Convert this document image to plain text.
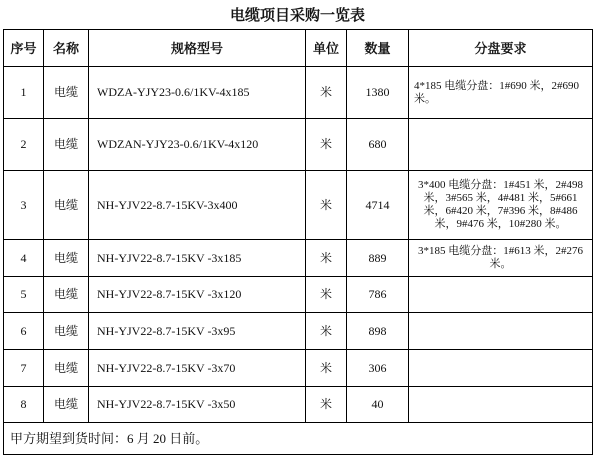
电缆项目采购一览表
序号	名称	规格型号	单位	数量	分盘要求
1	电缆	WDZA-YJY23-0.6/1KV-4x185	米	1380	4*185 电缆分盘：1#690 米，2#690 米。
2	电缆	WDZAN-YJY23-0.6/1KV-4x120	米	680	
3	电缆	NH-YJV22-8.7-15KV-3x400	米	4714	3*400 电缆分盘：1#451 米，2#498 米，3#565 米，4#481 米，5#661 米，6#420 米，7#396 米，8#486 米，9#476 米，10#280 米。
4	电缆	NH-YJV22-8.7-15KV -3x185	米	889	3*185 电缆分盘：1#613 米，2#276 米。
5	电缆	NH-YJV22-8.7-15KV -3x120	米	786	
6	电缆	NH-YJV22-8.7-15KV -3x95	米	898	
7	电缆	NH-YJV22-8.7-15KV -3x70	米	306	
8	电缆	NH-YJV22-8.7-15KV -3x50	米	40	
甲方期望到货时间：6 月 20 日前。					
